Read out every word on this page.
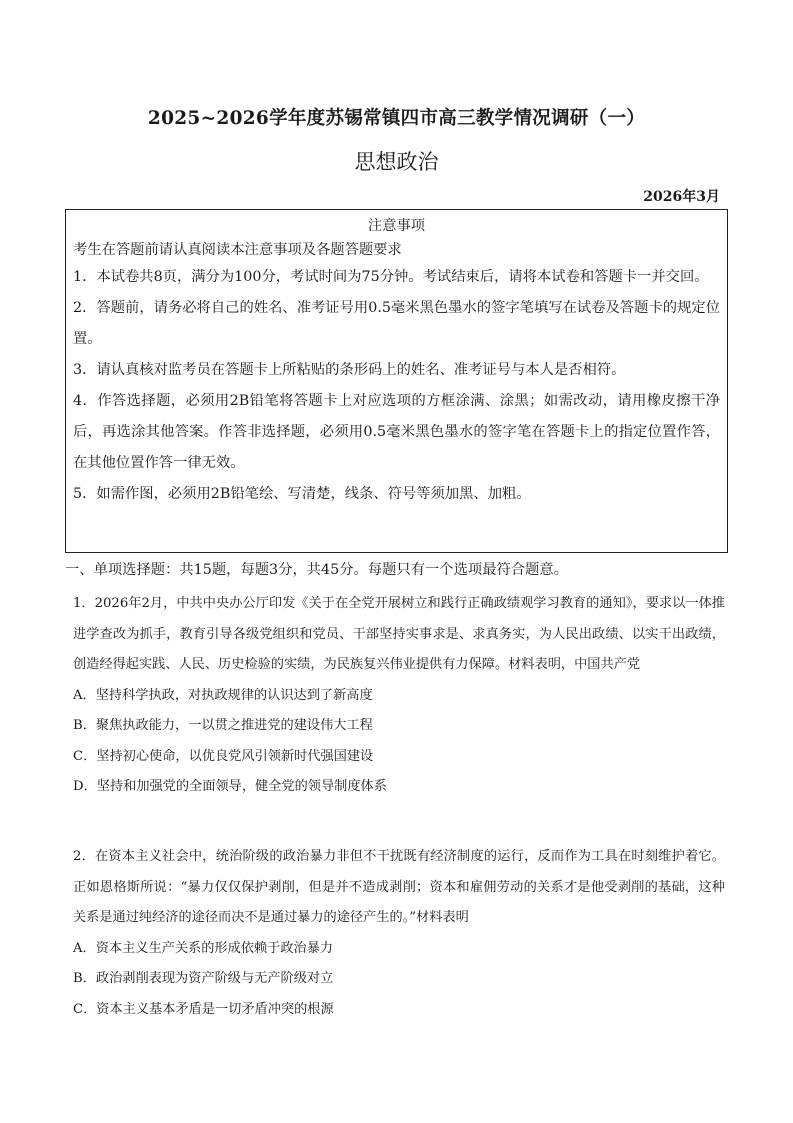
2025~2026学年度苏锡常镇四市高三教学情况调研（一）
思想政治
2026年3月
注意事项
考生在答题前请认真阅读本注意事项及各题答题要求
1．本试卷共8页，满分为100分，考试时间为75分钟。考试结束后，请将本试卷和答题卡一并交回。
2．答题前，请务必将自己的姓名、准考证号用0.5毫米黑色墨水的签字笔填写在试卷及答题卡的规定位置。
3．请认真核对监考员在答题卡上所粘贴的条形码上的姓名、准考证号与本人是否相符。
4．作答选择题，必须用2B铅笔将答题卡上对应选项的方框涂满、涂黑；如需改动，请用橡皮擦干净后，再选涂其他答案。作答非选择题，必须用0.5毫米黑色墨水的签字笔在答题卡上的指定位置作答，在其他位置作答一律无效。
5．如需作图，必须用2B铅笔绘、写清楚，线条、符号等须加黑、加粗。
一、单项选择题：共15题，每题3分，共45分。每题只有一个选项最符合题意。
1．2026年2月，中共中央办公厅印发《关于在全党开展树立和践行正确政绩观学习教育的通知》，要求以一体推进学查改为抓手，教育引导各级党组织和党员、干部坚持实事求是、求真务实，为人民出政绩、以实干出政绩，创造经得起实践、人民、历史检验的实绩，为民族复兴伟业提供有力保障。材料表明，中国共产党
A．坚持科学执政，对执政规律的认识达到了新高度
B．聚焦执政能力，一以贯之推进党的建设伟大工程
C．坚持初心使命，以优良党风引领新时代强国建设
D．坚持和加强党的全面领导，健全党的领导制度体系
2．在资本主义社会中，统治阶级的政治暴力非但不干扰既有经济制度的运行，反而作为工具在时刻维护着它。正如恩格斯所说：“暴力仅仅保护剥削，但是并不造成剥削；资本和雇佣劳动的关系才是他受剥削的基础，这种关系是通过纯经济的途径而决不是通过暴力的途径产生的。”材料表明
A．资本主义生产关系的形成依赖于政治暴力
B．政治剥削表现为资产阶级与无产阶级对立
C．资本主义基本矛盾是一切矛盾冲突的根源
